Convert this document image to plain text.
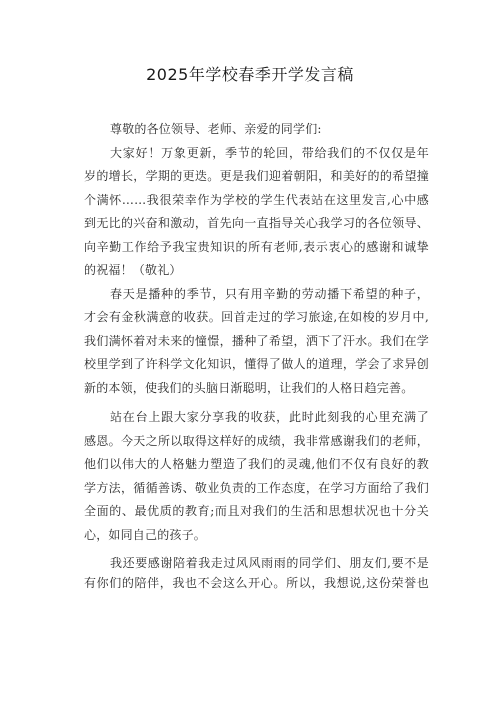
2025年学校春季开学发言稿
尊敬的各位领导、老师、亲爱的同学们:
大家好！万象更新，季节的轮回，带给我们的不仅仅是年
岁的增长，学期的更迭。更是我们迎着朝阳，和美好的的希望撞
个满怀……我很荣幸作为学校的学生代表站在这里发言,心中感
到无比的兴奋和激动，首先向一直指导关心我学习的各位领导、
向辛勤工作给予我宝贵知识的所有老师,表示衷心的感谢和诚挚
的祝福！（敬礼）
春天是播种的季节，只有用辛勤的劳动播下希望的种子，
才会有金秋满意的收获。回首走过的学习旅途,在如梭的岁月中,
我们满怀着对未来的憧憬，播种了希望，洒下了汗水。我们在学
校里学到了许科学文化知识，懂得了做人的道理，学会了求异创
新的本领，使我们的头脑日渐聪明，让我们的人格日趋完善。
站在台上跟大家分享我的收获，此时此刻我的心里充满了
感恩。今天之所以取得这样好的成绩，我非常感谢我们的老师，
他们以伟大的人格魅力塑造了我们的灵魂,他们不仅有良好的教
学方法，循循善诱、敬业负责的工作态度，在学习方面给了我们
全面的、最优质的教育;而且对我们的生活和思想状况也十分关
心，如同自己的孩子。
我还要感谢陪着我走过风风雨雨的同学们、朋友们,要不是
有你们的陪伴，我也不会这么开心。所以，我想说,这份荣誉也
